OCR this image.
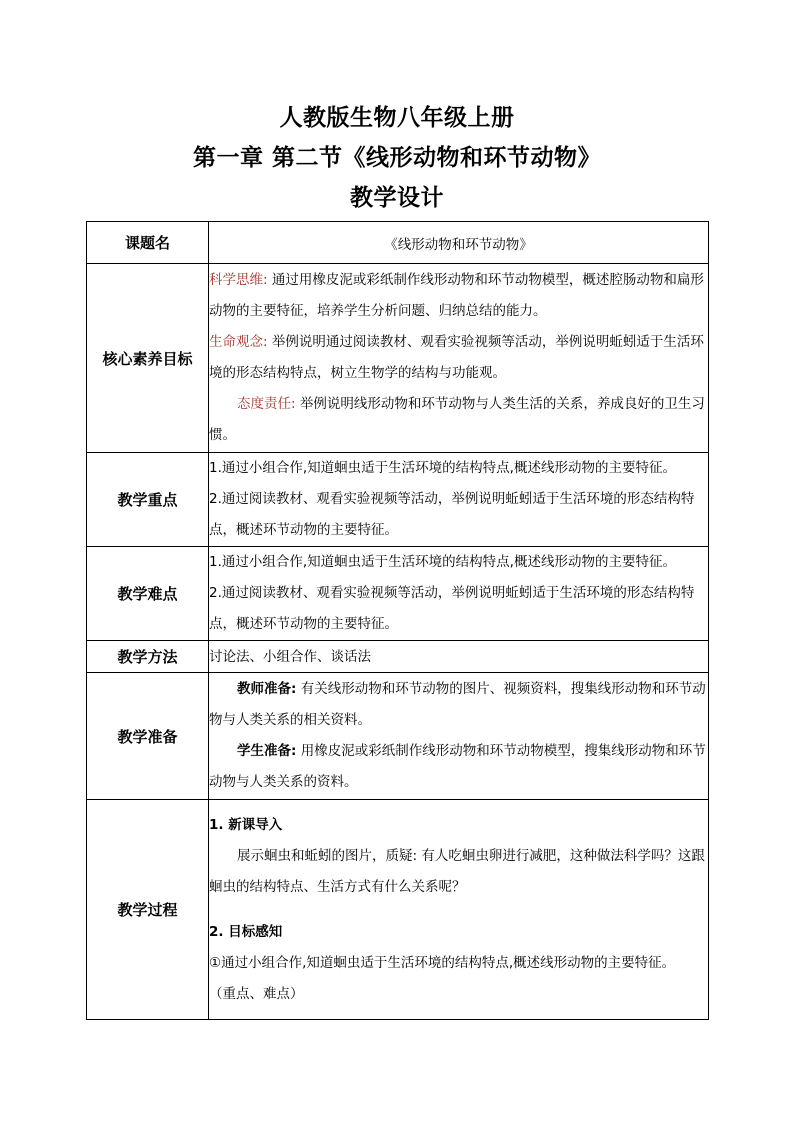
人教版生物八年级上册
第一章 第二节《线形动物和环节动物》
教学设计
课题名	《线形动物和环节动物》
核心素养目标	科学思维: 通过用橡皮泥或彩纸制作线形动物和环节动物模型，概述腔肠动物和扁形动物的主要特征，培养学生分析问题、归纳总结的能力。

生命观念: 举例说明通过阅读教材、观看实验视频等活动，举例说明蚯蚓适于生活环境的形态结构特点，树立生物学的结构与功能观。

态度责任: 举例说明线形动物和环节动物与人类生活的关系，养成良好的卫生习惯。

教学重点	1.通过小组合作,知道蛔虫适于生活环境的结构特点,概述线形动物的主要特征。

2.通过阅读教材、观看实验视频等活动，举例说明蚯蚓适于生活环境的形态结构特点，概述环节动物的主要特征。

教学难点	1.通过小组合作,知道蛔虫适于生活环境的结构特点,概述线形动物的主要特征。

2.通过阅读教材、观看实验视频等活动，举例说明蚯蚓适于生活环境的形态结构特点，概述环节动物的主要特征。

教学方法	讨论法、小组合作、谈话法
教学准备	教师准备: 有关线形动物和环节动物的图片、视频资料，搜集线形动物和环节动物与人类关系的相关资料。

学生准备: 用橡皮泥或彩纸制作线形动物和环节动物模型，搜集线形动物和环节动物与人类关系的资料。

教学过程	1. 新课导入

展示蛔虫和蚯蚓的图片，质疑: 有人吃蛔虫卵进行减肥，这种做法科学吗？这跟蛔虫的结构特点、生活方式有什么关系呢？

2. 目标感知

①通过小组合作,知道蛔虫适于生活环境的结构特点,概述线形动物的主要特征。

（重点、难点）
